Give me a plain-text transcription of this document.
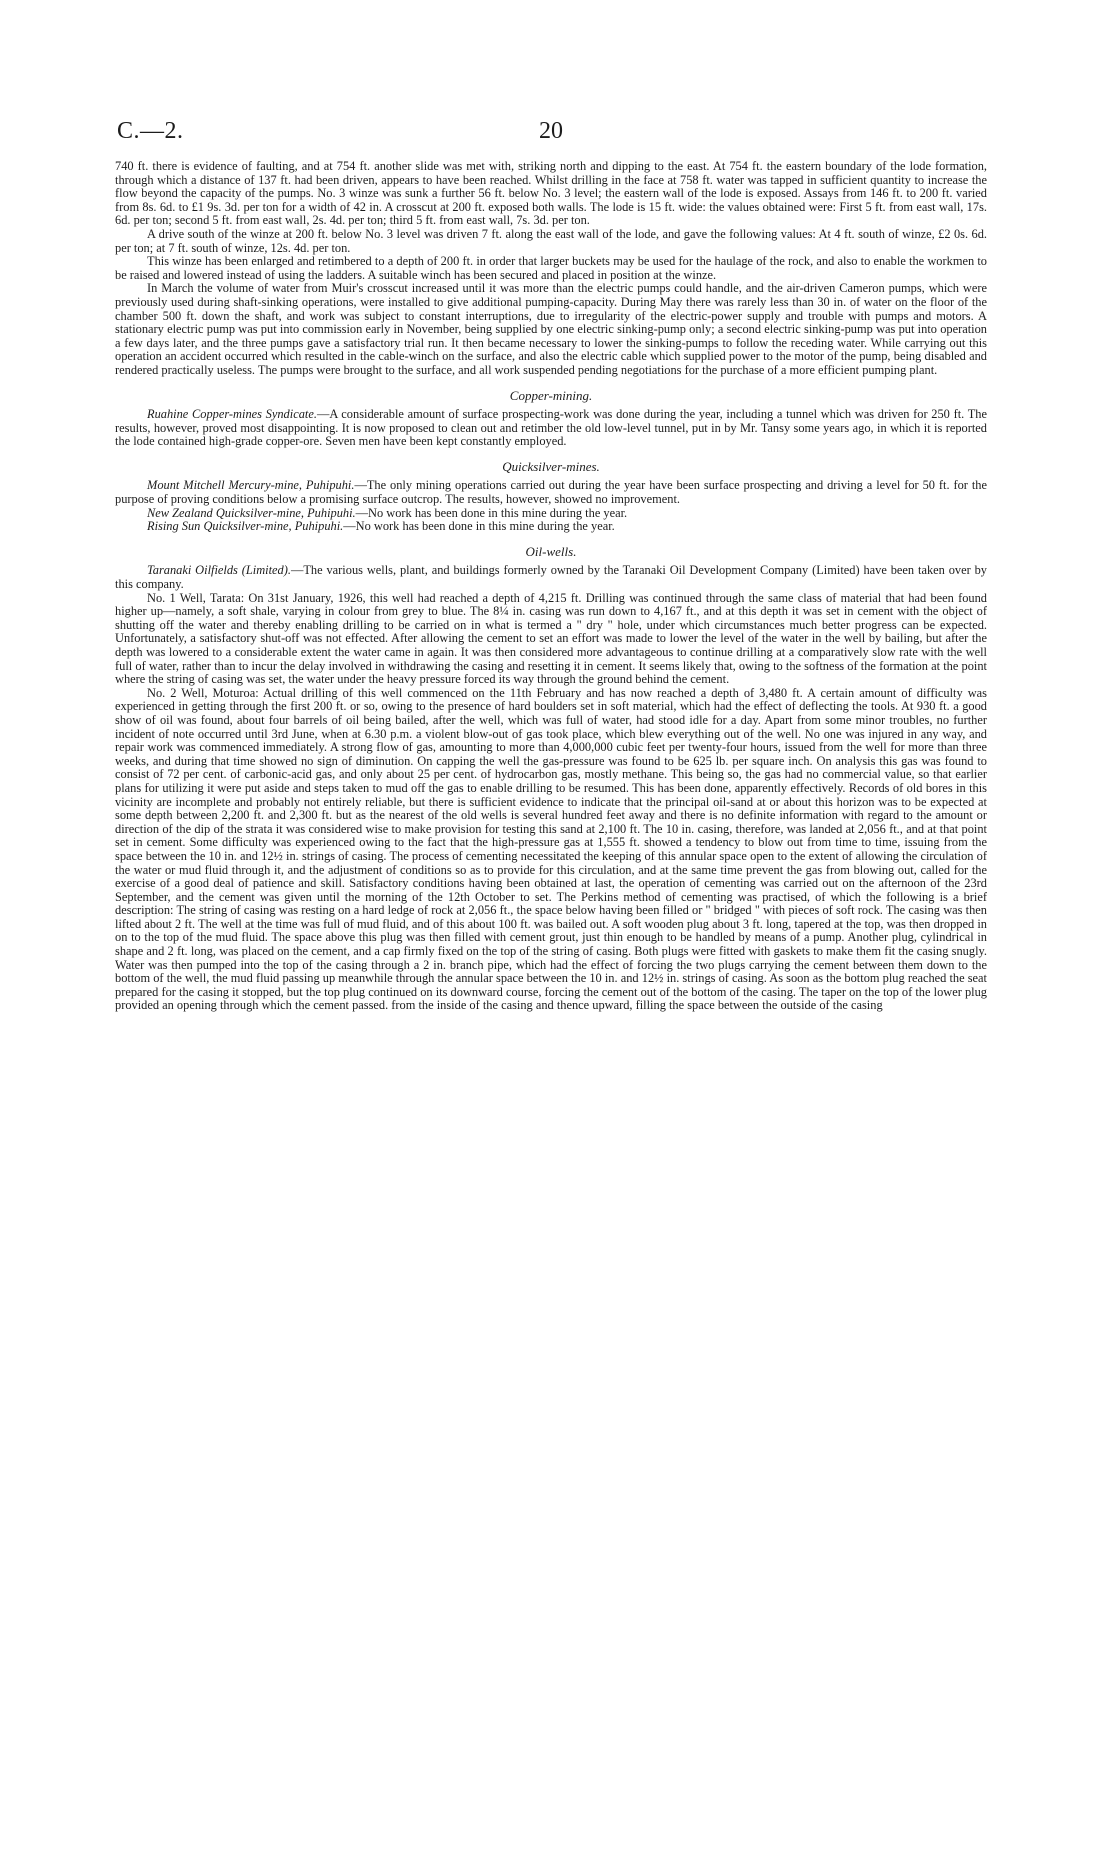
C.—2.	20

740 ft. there is evidence of faulting, and at 754 ft. another slide was met with, striking north and dipping to the east. At 754 ft. the eastern boundary of the lode formation, through which a distance of 137 ft. had been driven, appears to have been reached. Whilst drilling in the face at 758 ft. water was tapped in sufficient quantity to increase the flow beyond the capacity of the pumps. No. 3 winze was sunk a further 56 ft. below No. 3 level; the eastern wall of the lode is exposed. Assays from 146 ft. to 200 ft. varied from 8s. 6d. to £1 9s. 3d. per ton for a width of 42 in. A crosscut at 200 ft. exposed both walls. The lode is 15 ft. wide: the values obtained were: First 5 ft. from east wall, 17s. 6d. per ton; second 5 ft. from east wall, 2s. 4d. per ton; third 5 ft. from east wall, 7s. 3d. per ton.

A drive south of the winze at 200 ft. below No. 3 level was driven 7 ft. along the east wall of the lode, and gave the following values: At 4 ft. south of winze, £2 0s. 6d. per ton; at 7 ft. south of winze, 12s. 4d. per ton.

This winze has been enlarged and retimbered to a depth of 200 ft. in order that larger buckets may be used for the haulage of the rock, and also to enable the workmen to be raised and lowered instead of using the ladders. A suitable winch has been secured and placed in position at the winze.

In March the volume of water from Muir's crosscut increased until it was more than the electric pumps could handle, and the air-driven Cameron pumps, which were previously used during shaft-sinking operations, were installed to give additional pumping-capacity. During May there was rarely less than 30 in. of water on the floor of the chamber 500 ft. down the shaft, and work was subject to constant interruptions, due to irregularity of the electric-power supply and trouble with pumps and motors. A stationary electric pump was put into commission early in November, being supplied by one electric sinking-pump only; a second electric sinking-pump was put into operation a few days later, and the three pumps gave a satisfactory trial run. It then became necessary to lower the sinking-pumps to follow the receding water. While carrying out this operation an accident occurred which resulted in the cable-winch on the surface, and also the electric cable which supplied power to the motor of the pump, being disabled and rendered practically useless. The pumps were brought to the surface, and all work suspended pending negotiations for the purchase of a more efficient pumping plant.

Copper-mining.

Ruahine Copper-mines Syndicate.—A considerable amount of surface prospecting-work was done during the year, including a tunnel which was driven for 250 ft. The results, however, proved most disappointing. It is now proposed to clean out and retimber the old low-level tunnel, put in by Mr. Tansy some years ago, in which it is reported the lode contained high-grade copper-ore. Seven men have been kept constantly employed.

Quicksilver-mines.

Mount Mitchell Mercury-mine, Puhipuhi.—The only mining operations carried out during the year have been surface prospecting and driving a level for 50 ft. for the purpose of proving conditions below a promising surface outcrop. The results, however, showed no improvement.

New Zealand Quicksilver-mine, Puhipuhi.—No work has been done in this mine during the year.

Rising Sun Quicksilver-mine, Puhipuhi.—No work has been done in this mine during the year.

Oil-wells.

Taranaki Oilfields (Limited).—The various wells, plant, and buildings formerly owned by the Taranaki Oil Development Company (Limited) have been taken over by this company.

No. 1 Well, Tarata: On 31st January, 1926, this well had reached a depth of 4,215 ft. Drilling was continued through the same class of material that had been found higher up—namely, a soft shale, varying in colour from grey to blue. The 8¼ in. casing was run down to 4,167 ft., and at this depth it was set in cement with the object of shutting off the water and thereby enabling drilling to be carried on in what is termed a " dry " hole, under which circumstances much better progress can be expected. Unfortunately, a satisfactory shut-off was not effected. After allowing the cement to set an effort was made to lower the level of the water in the well by bailing, but after the depth was lowered to a considerable extent the water came in again. It was then considered more advantageous to continue drilling at a comparatively slow rate with the well full of water, rather than to incur the delay involved in withdrawing the casing and resetting it in cement. It seems likely that, owing to the softness of the formation at the point where the string of casing was set, the water under the heavy pressure forced its way through the ground behind the cement.

No. 2 Well, Moturoa: Actual drilling of this well commenced on the 11th February and has now reached a depth of 3,480 ft. A certain amount of difficulty was experienced in getting through the first 200 ft. or so, owing to the presence of hard boulders set in soft material, which had the effect of deflecting the tools. At 930 ft. a good show of oil was found, about four barrels of oil being bailed, after the well, which was full of water, had stood idle for a day. Apart from some minor troubles, no further incident of note occurred until 3rd June, when at 6.30 p.m. a violent blow-out of gas took place, which blew everything out of the well. No one was injured in any way, and repair work was commenced immediately. A strong flow of gas, amounting to more than 4,000,000 cubic feet per twenty-four hours, issued from the well for more than three weeks, and during that time showed no sign of diminution. On capping the well the gas-pressure was found to be 625 lb. per square inch. On analysis this gas was found to consist of 72 per cent. of carbonic-acid gas, and only about 25 per cent. of hydrocarbon gas, mostly methane. This being so, the gas had no commercial value, so that earlier plans for utilizing it were put aside and steps taken to mud off the gas to enable drilling to be resumed. This has been done, apparently effectively. Records of old bores in this vicinity are incomplete and probably not entirely reliable, but there is sufficient evidence to indicate that the principal oil-sand at or about this horizon was to be expected at some depth between 2,200 ft. and 2,300 ft. but as the nearest of the old wells is several hundred feet away and there is no definite information with regard to the amount or direction of the dip of the strata it was considered wise to make provision for testing this sand at 2,100 ft. The 10 in. casing, therefore, was landed at 2,056 ft., and at that point set in cement. Some difficulty was experienced owing to the fact that the high-pressure gas at 1,555 ft. showed a tendency to blow out from time to time, issuing from the space between the 10 in. and 12½ in. strings of casing. The process of cementing necessitated the keeping of this annular space open to the extent of allowing the circulation of the water or mud fluid through it, and the adjustment of conditions so as to provide for this circulation, and at the same time prevent the gas from blowing out, called for the exercise of a good deal of patience and skill. Satisfactory conditions having been obtained at last, the operation of cementing was carried out on the afternoon of the 23rd September, and the cement was given until the morning of the 12th October to set. The Perkins method of cementing was practised, of which the following is a brief description: The string of casing was resting on a hard ledge of rock at 2,056 ft., the space below having been filled or " bridged " with pieces of soft rock. The casing was then lifted about 2 ft. The well at the time was full of mud fluid, and of this about 100 ft. was bailed out. A soft wooden plug about 3 ft. long, tapered at the top, was then dropped in on to the top of the mud fluid. The space above this plug was then filled with cement grout, just thin enough to be handled by means of a pump. Another plug, cylindrical in shape and 2 ft. long, was placed on the cement, and a cap firmly fixed on the top of the string of casing. Both plugs were fitted with gaskets to make them fit the casing snugly. Water was then pumped into the top of the casing through a 2 in. branch pipe, which had the effect of forcing the two plugs carrying the cement between them down to the bottom of the well, the mud fluid passing up meanwhile through the annular space between the 10 in. and 12½ in. strings of casing. As soon as the bottom plug reached the seat prepared for the casing it stopped, but the top plug continued on its downward course, forcing the cement out of the bottom of the casing. The taper on the top of the lower plug provided an opening through which the cement passed. from the inside of the casing and thence upward, filling the space between the outside of the casing
